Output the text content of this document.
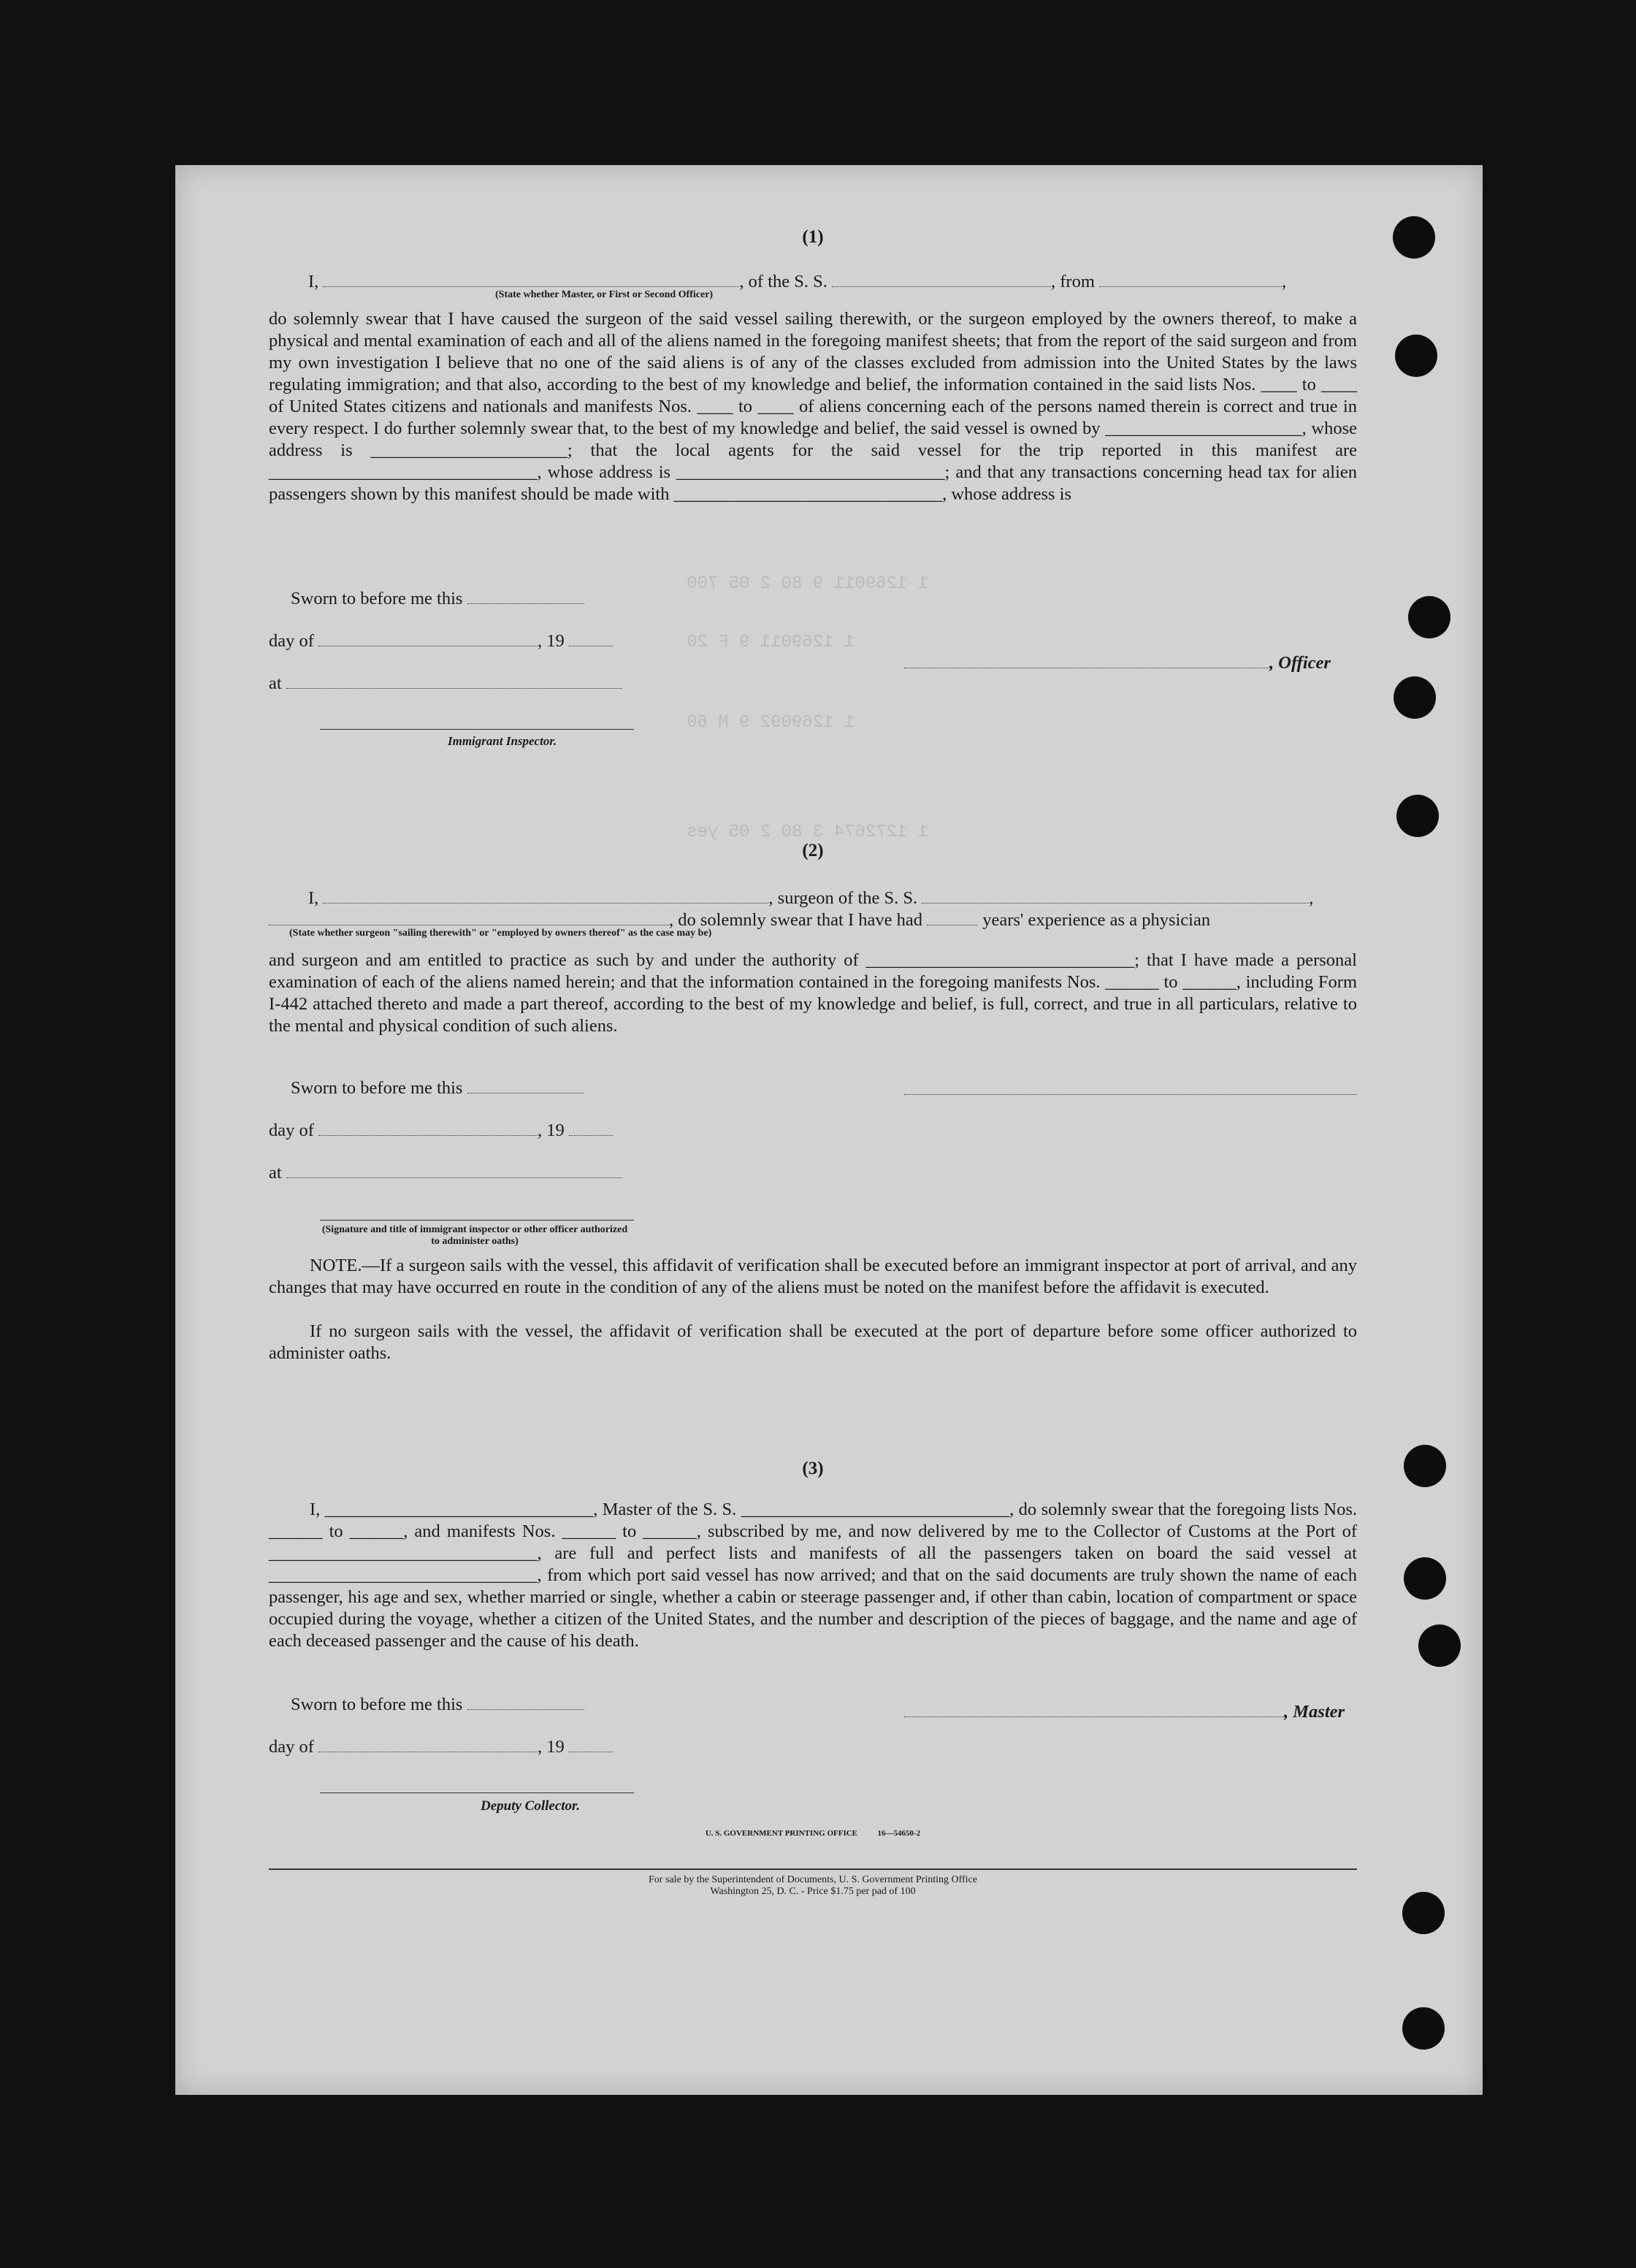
1 1269011 9 80 2 05 700
1 1269011 9 F 20
1 1269092 9 M 60
1 1272674 3 80 2 05 yes
(1)
I,	, of the S. S.	, from	,
(State whether Master, or First or Second Officer)
do solemnly swear that I have caused the surgeon of the said vessel sailing therewith, or the surgeon employed by the owners thereof, to make a physical and mental examination of each and all of the aliens named in the foregoing manifest sheets; that from the report of the said surgeon and from my own investigation I believe that no one of the said aliens is of any of the classes excluded from admission into the United States by the laws regulating immigration; and that also, according to the best of my knowledge and belief, the information contained in the said lists Nos. ____ to ____ of United States citizens and nationals and manifests Nos. ____ to ____ of aliens concerning each of the persons named therein is correct and true in every respect. I do further solemnly swear that, to the best of my knowledge and belief, the said vessel is owned by ______________________, whose address is ______________________; that the local agents for the said vessel for the trip reported in this manifest are ______________________________, whose address is ______________________________; and that any transactions concerning head tax for alien passengers shown by this manifest should be made with ______________________________, whose address is
Sworn to before me this
day of	, 19
at
, Officer
Immigrant Inspector.
(2)
I,	, surgeon of the S. S.	,
, do solemnly swear that I have had	years' experience as a physician
(State whether surgeon "sailing therewith" or "employed by owners thereof" as the case may be)
and surgeon and am entitled to practice as such by and under the authority of ______________________________; that I have made a personal examination of each of the aliens named herein; and that the information contained in the foregoing manifests Nos. ______ to ______, including Form I-442 attached thereto and made a part thereof, according to the best of my knowledge and belief, is full, correct, and true in all particulars, relative to the mental and physical condition of such aliens.
Sworn to before me this
day of	, 19
at
(Signature and title of immigrant inspector or other officer authorized to administer oaths)
NOTE.—If a surgeon sails with the vessel, this affidavit of verification shall be executed before an immigrant inspector at port of arrival, and any changes that may have occurred en route in the condition of any of the aliens must be noted on the manifest before the affidavit is executed.
If no surgeon sails with the vessel, the affidavit of verification shall be executed at the port of departure before some officer authorized to administer oaths.
(3)
I, ______________________________, Master of the S. S. ______________________________, do solemnly swear that the foregoing lists Nos. ______ to ______, and manifests Nos. ______ to ______, subscribed by me, and now delivered by me to the Collector of Customs at the Port of ______________________________, are full and perfect lists and manifests of all the passengers taken on board the said vessel at ______________________________, from which port said vessel has now arrived; and that on the said documents are truly shown the name of each passenger, his age and sex, whether married or single, whether a cabin or steerage passenger and, if other than cabin, location of compartment or space occupied during the voyage, whether a citizen of the United States, and the number and description of the pieces of baggage, and the name and age of each deceased passenger and the cause of his death.
Sworn to before me this	, Master
day of	, 19
Deputy Collector.
U. S. GOVERNMENT PRINTING OFFICE          16—54650-2
For sale by the Superintendent of Documents, U. S. Government Printing Office
Washington 25, D. C. - Price $1.75 per pad of 100
